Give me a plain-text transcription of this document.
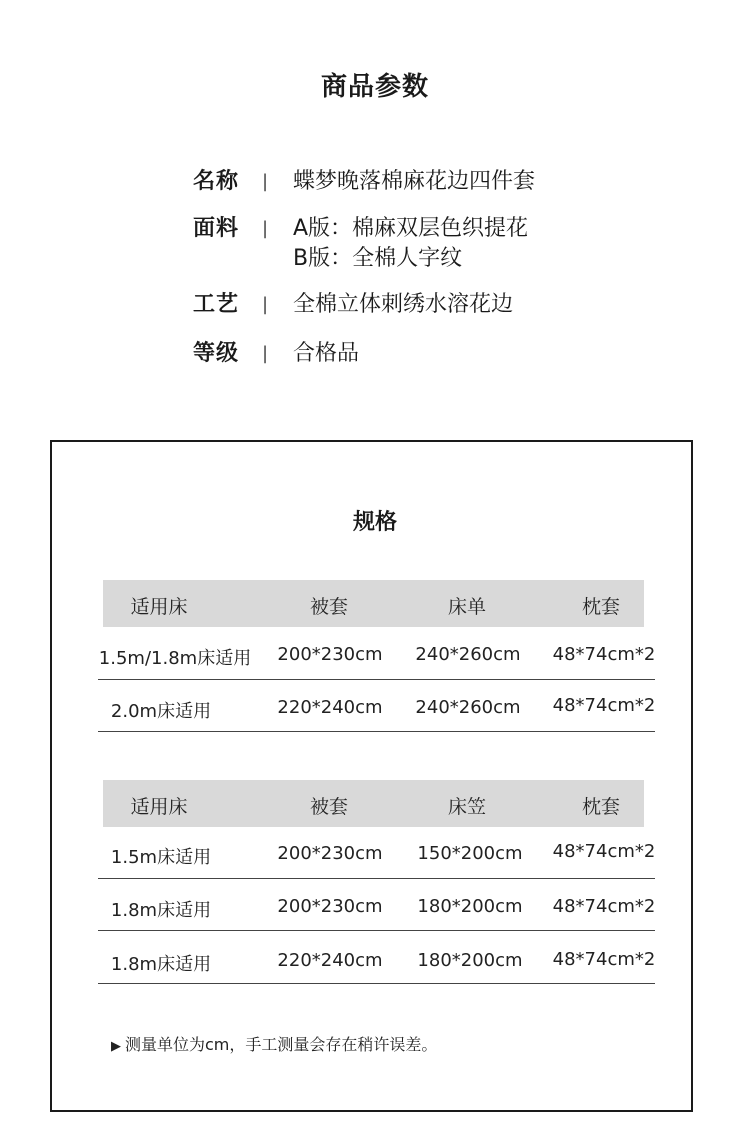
商品参数
名称	| 蝶梦晚落棉麻花边四件套
面料	| A版：棉麻双层色织提花
B版：全棉人字纹
工艺	| 全棉立体刺绣水溶花边
等级	| 合格品
规格
适用床	被套	床单	枕套
1.5m/1.8m床适用 200*230cm 240*260cm 48*74cm*2
2.0m床适用	220*240cm 240*260cm 48*74cm*2
适用床	被套	床笠	枕套
1.5m床适用	200*230cm 150*200cm 48*74cm*2
1.8m床适用	200*230cm 180*200cm 48*74cm*2
1.8m床适用	220*240cm 180*200cm 48*74cm*2
▶ 测量单位为cm，手工测量会存在稍许误差。
